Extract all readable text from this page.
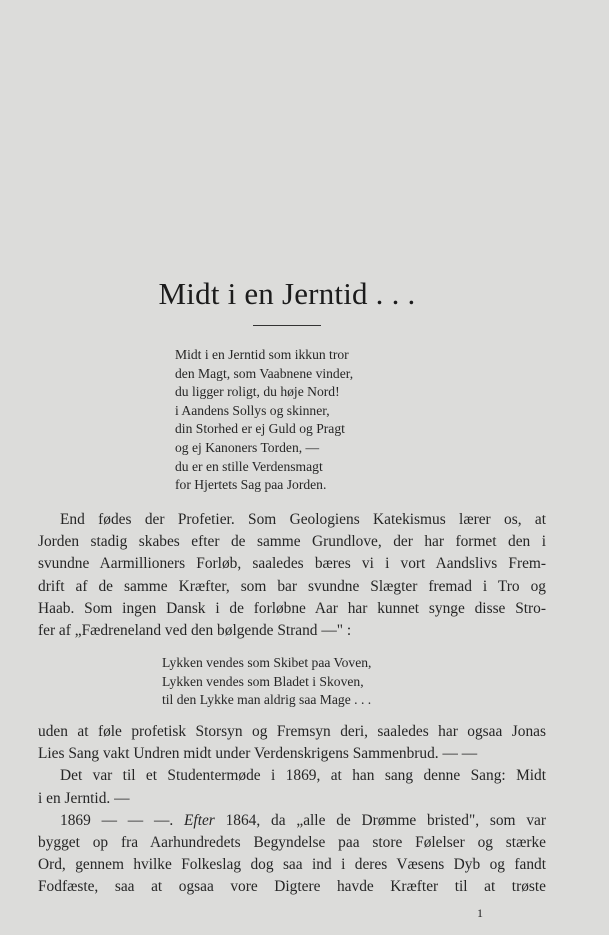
Midt i en Jerntid . . .
Midt i en Jerntid som ikkun tror
den Magt, som Vaabnene vinder,
du ligger roligt, du høje Nord!
i Aandens Sollys og skinner,
din Storhed er ej Guld og Pragt
og ej Kanoners Torden, —
du er en stille Verdensmagt
for Hjertets Sag paa Jorden.
End fødes der Profetier. Som Geologiens Katekismus lærer os, at
Jorden stadig skabes efter de samme Grundlove, der har formet den i
svundne Aarmillioners Forløb, saaledes bæres vi i vort Aandslivs Frem-
drift af de samme Kræfter, som bar svundne Slægter fremad i Tro og
Haab. Som ingen Dansk i de forløbne Aar har kunnet synge disse Stro-
fer af „Fædreneland ved den bølgende Strand —" :
Lykken vendes som Skibet paa Voven,
Lykken vendes som Bladet i Skoven,
til den Lykke man aldrig saa Mage . . .
uden at føle profetisk Storsyn og Fremsyn deri, saaledes har ogsaa Jonas
Lies Sang vakt Undren midt under Verdenskrigens Sammenbrud. — —
Det var til et Studentermøde i 1869, at han sang denne Sang: Midt
i en Jerntid. —
1869 — — —. Efter 1864, da „alle de Drømme bristed", som var
bygget op fra Aarhundredets Begyndelse paa store Følelser og stærke
Ord, gennem hvilke Folkeslag dog saa ind i deres Væsens Dyb og fandt
Fodfæste, saa at ogsaa vore Digtere havde Kræfter til at trøste
1
